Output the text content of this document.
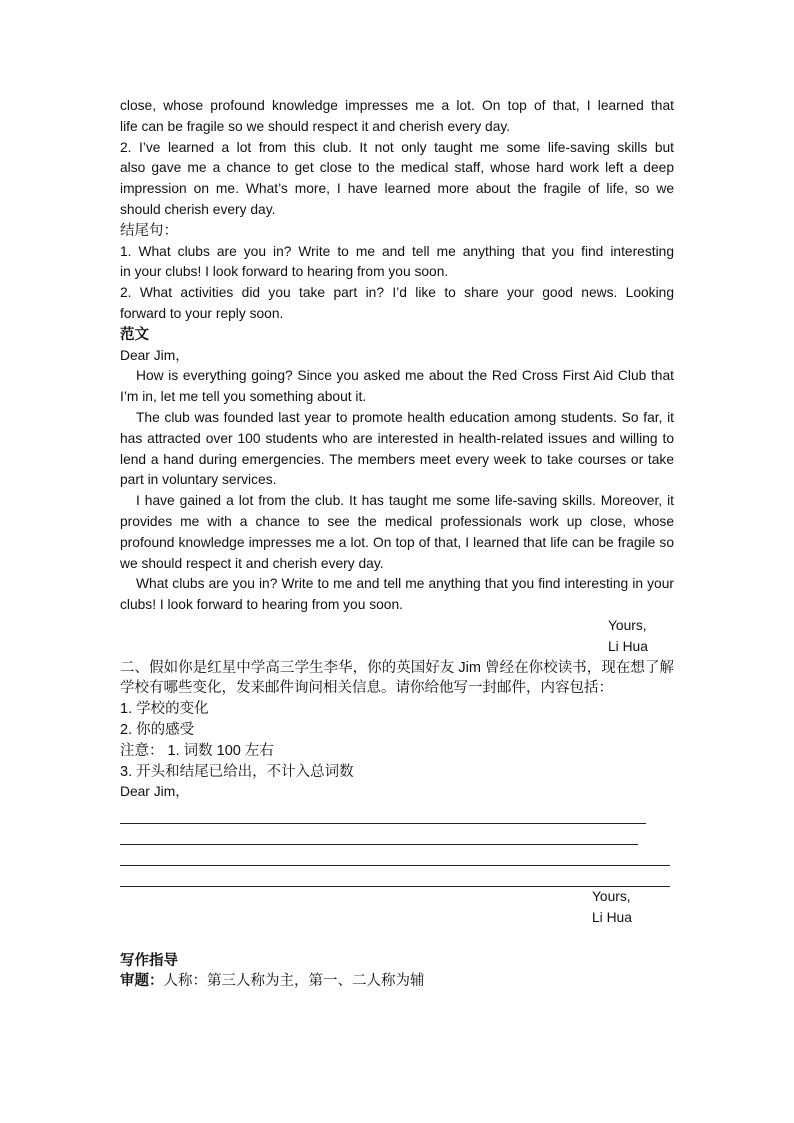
close, whose profound knowledge impresses me a lot. On top of that, I learned that
life can be fragile so we should respect it and cherish every day.
2. I’ve learned a lot from this club. It not only taught me some life-saving skills but
also gave me a chance to get close to the medical staff, whose hard work left a deep
impression on me. What’s more, I have learned more about the fragile of life, so we
should cherish every day.
结尾句：
1. What clubs are you in? Write to me and tell me anything that you find interesting
in your clubs! I look forward to hearing from you soon.
2. What activities did you take part in? I’d like to share your good news. Looking
forward to your reply soon.
范文
Dear Jim，
How is everything going? Since you asked me about the Red Cross First Aid Club that I’m in, let me tell you something about it.
The club was founded last year to promote health education among students. So far, it has attracted over 100 students who are interested in health-related issues and willing to lend a hand during emergencies. The members meet every week to take courses or take part in voluntary services.
I have gained a lot from the club. It has taught me some life-saving skills. Moreover, it provides me with a chance to see the medical professionals work up close, whose profound knowledge impresses me a lot. On top of that, I learned that life can be fragile so we should respect it and cherish every day.
What clubs are you in? Write to me and tell me anything that you find interesting in your clubs! I look forward to hearing from you soon.
Yours,
Li Hua
二、假如你是红星中学高三学生李华，你的英国好友 Jim 曾经在你校读书，现在想了解学校有哪些变化，发来邮件询问相关信息。请你给他写一封邮件，内容包括：
1. 学校的变化
2. 你的感受
注意： 1. 词数 100 左右
3. 开头和结尾已给出，不计入总词数
Dear Jim，
Yours,
Li Hua
写作指导
审题：人称：第三人称为主，第一、二人称为辅
